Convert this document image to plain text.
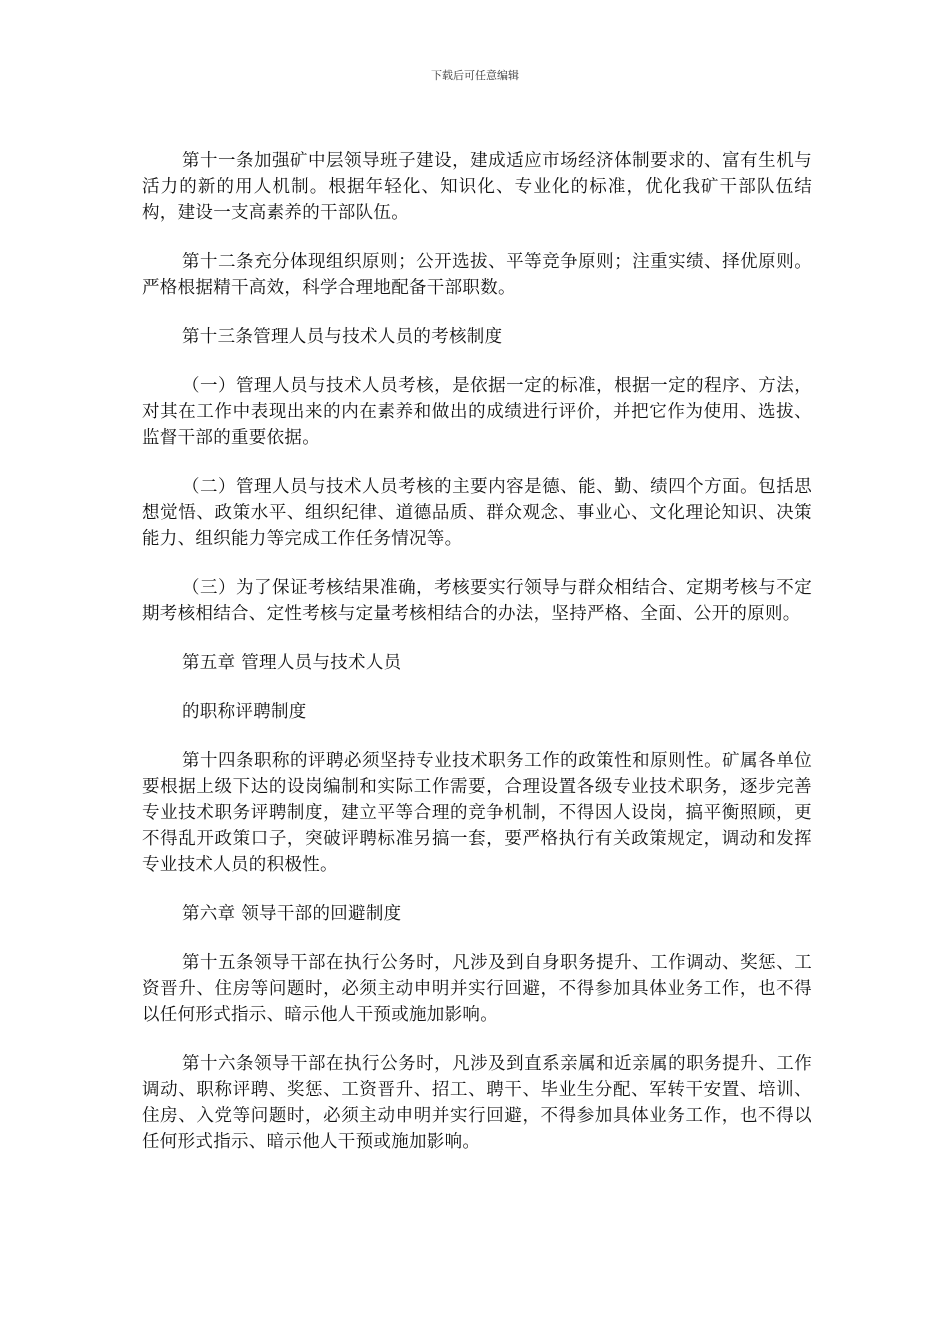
下载后可任意编辑

第十一条加强矿中层领导班子建设，建成适应市场经济体制要求的、富有生机与活力的新的用人机制。根据年轻化、知识化、专业化的标准，优化我矿干部队伍结构，建设一支高素养的干部队伍。

第十二条充分体现组织原则；公开选拔、平等竞争原则；注重实绩、择优原则。严格根据精干高效，科学合理地配备干部职数。

第十三条管理人员与技术人员的考核制度

（一）管理人员与技术人员考核，是依据一定的标准，根据一定的程序、方法，对其在工作中表现出来的内在素养和做出的成绩进行评价，并把它作为使用、选拔、监督干部的重要依据。

（二）管理人员与技术人员考核的主要内容是德、能、勤、绩四个方面。包括思想觉悟、政策水平、组织纪律、道德品质、群众观念、事业心、文化理论知识、决策能力、组织能力等完成工作任务情况等。

（三）为了保证考核结果准确，考核要实行领导与群众相结合、定期考核与不定期考核相结合、定性考核与定量考核相结合的办法，坚持严格、全面、公开的原则。

第五章 管理人员与技术人员

的职称评聘制度

第十四条职称的评聘必须坚持专业技术职务工作的政策性和原则性。矿属各单位要根据上级下达的设岗编制和实际工作需要，合理设置各级专业技术职务，逐步完善专业技术职务评聘制度，建立平等合理的竞争机制，不得因人设岗，搞平衡照顾，更不得乱开政策口子，突破评聘标准另搞一套，要严格执行有关政策规定，调动和发挥专业技术人员的积极性。

第六章 领导干部的回避制度

第十五条领导干部在执行公务时，凡涉及到自身职务提升、工作调动、奖惩、工资晋升、住房等问题时，必须主动申明并实行回避，不得参加具体业务工作，也不得以任何形式指示、暗示他人干预或施加影响。

第十六条领导干部在执行公务时，凡涉及到直系亲属和近亲属的职务提升、工作调动、职称评聘、奖惩、工资晋升、招工、聘干、毕业生分配、军转干安置、培训、住房、入党等问题时，必须主动申明并实行回避，不得参加具体业务工作，也不得以任何形式指示、暗示他人干预或施加影响。
